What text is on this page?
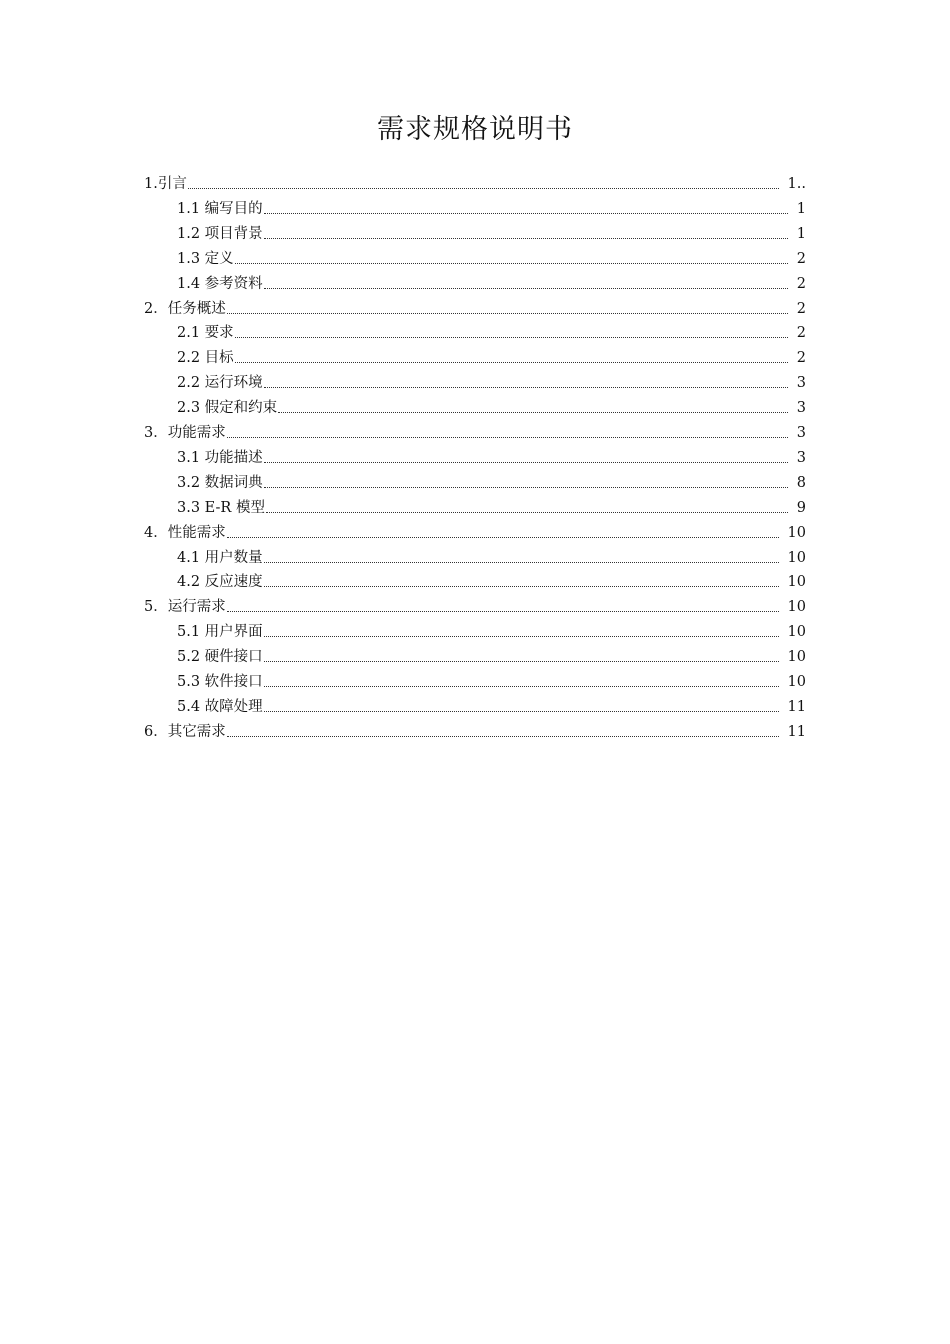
需求规格说明书
1.引言	1..
1.1 编写目的	1
1.2 项目背景	1
1.3 定义	2
1.4 参考资料	2
2．任务概述	2
2.1 要求	2
2.2 目标	2
2.2 运行环境	3
2.3 假定和约束	3
3．功能需求	3
3.1 功能描述	3
3.2 数据词典	8
3.3 E-R 模型	9
4．性能需求	10
4.1 用户数量	10
4.2 反应速度	10
5．运行需求	10
5.1 用户界面	10
5.2 硬件接口	10
5.3 软件接口	10
5.4 故障处理	11
6．其它需求	11
